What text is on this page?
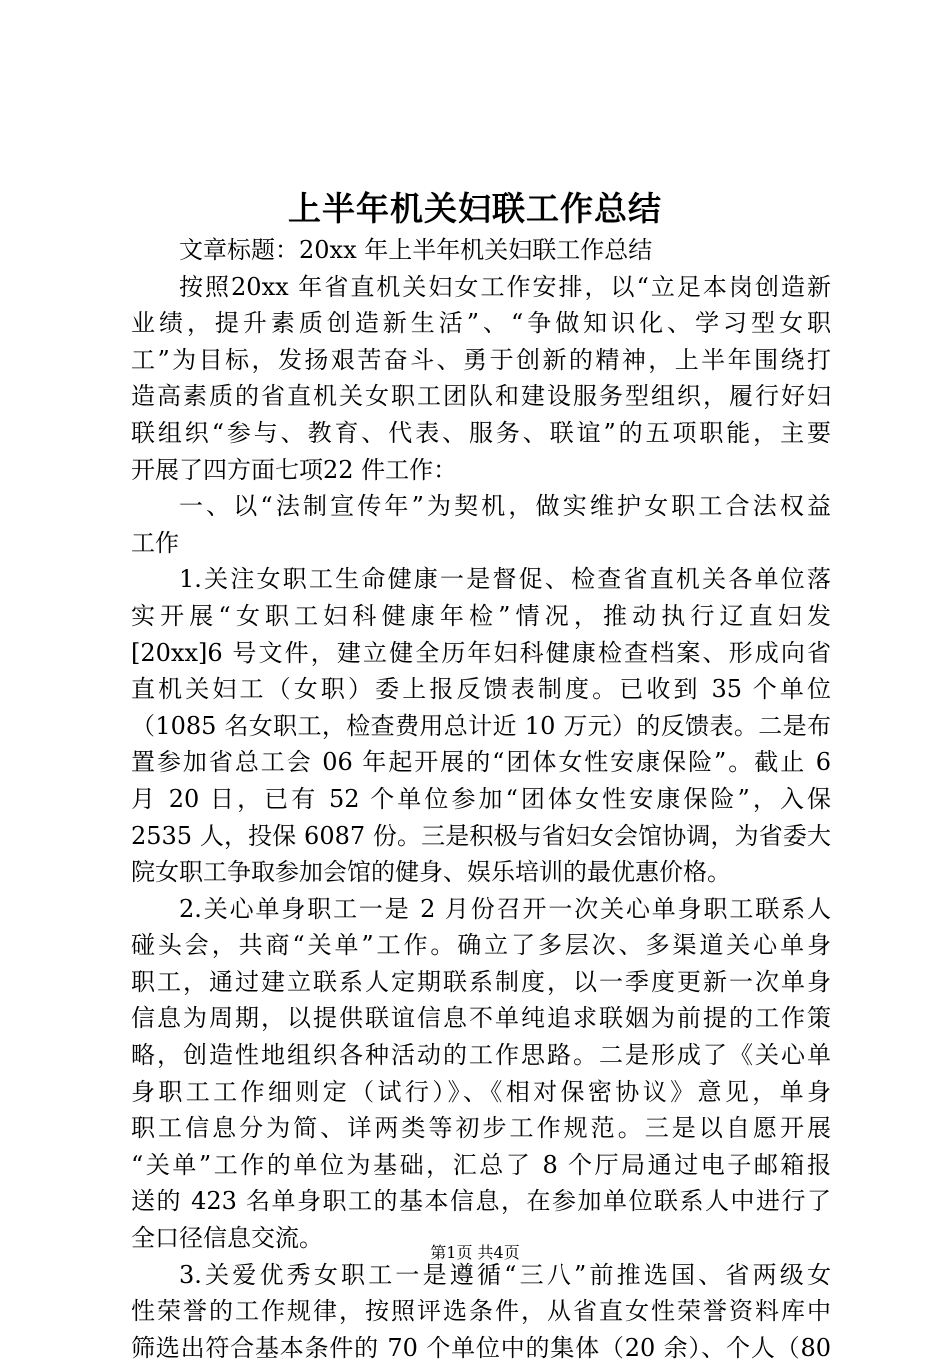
上半年机关妇联工作总结

文章标题：20xx 年上半年机关妇联工作总结

按照20xx 年省直机关妇女工作安排，以“立足本岗创造新

业绩，提升素质创造新生活”、“争做知识化、学习型女职

工”为目标，发扬艰苦奋斗、勇于创新的精神，上半年围绕打

造高素质的省直机关女职工团队和建设服务型组织，履行好妇

联组织“参与、教育、代表、服务、联谊”的五项职能，主要

开展了四方面七项22 件工作：

一、以“法制宣传年”为契机，做实维护女职工合法权益

工作

1.关注女职工生命健康一是督促、检查省直机关各单位落

实开展“女职工妇科健康年检”情况，推动执行辽直妇发

[20xx]6 号文件，建立健全历年妇科健康检查档案、形成向省

直机关妇工（女职）委上报反馈表制度。已收到 35 个单位

（1085 名女职工，检查费用总计近 10 万元）的反馈表。二是布

置参加省总工会 06 年起开展的“团体女性安康保险”。截止 6

月 20 日，已有 52 个单位参加“团体女性安康保险”，入保

2535 人，投保 6087 份。三是积极与省妇女会馆协调，为省委大

院女职工争取参加会馆的健身、娱乐培训的最优惠价格。

2.关心单身职工一是 2 月份召开一次关心单身职工联系人

碰头会，共商“关单”工作。确立了多层次、多渠道关心单身

职工，通过建立联系人定期联系制度，以一季度更新一次单身

信息为周期，以提供联谊信息不单纯追求联姻为前提的工作策

略，创造性地组织各种活动的工作思路。二是形成了《关心单

身职工工作细则定（试行）》、《相对保密协议》意见，单身

职工信息分为简、详两类等初步工作规范。三是以自愿开展

“关单”工作的单位为基础，汇总了 8 个厅局通过电子邮箱报

送的 423 名单身职工的基本信息，在参加单位联系人中进行了

全口径信息交流。

3.关爱优秀女职工一是遵循“三八”前推选国、省两级女

性荣誉的工作规律，按照评选条件，从省直女性荣誉资料库中

筛选出符合基本条件的 70 个单位中的集体（20 余）、个人（80

第1页 共4页
